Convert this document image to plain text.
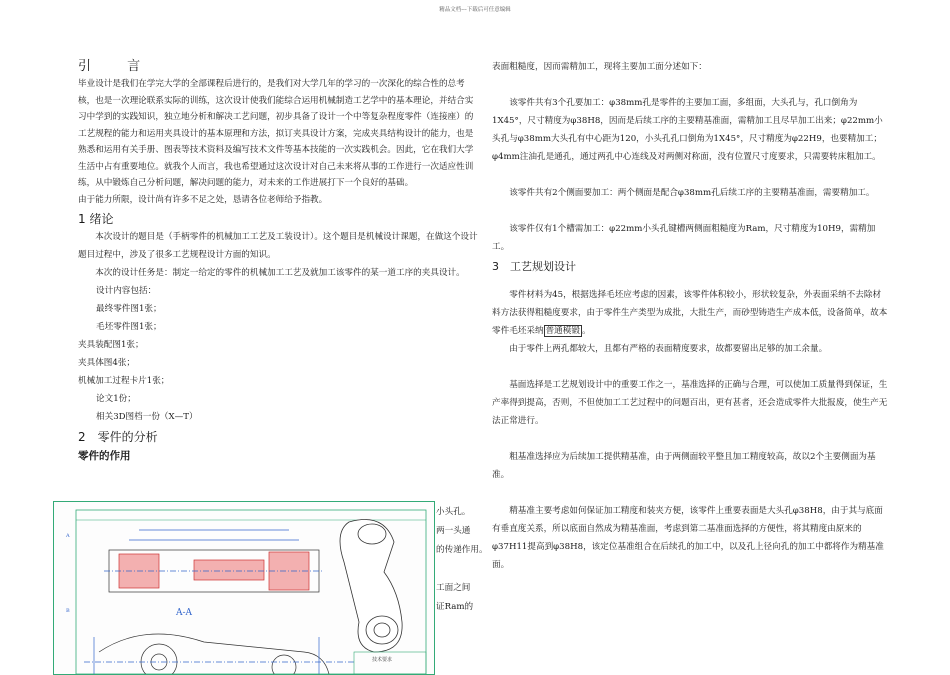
精品文档---下载后可任意编辑

引 言

毕业设计是我们在学完大学的全部课程后进行的，是我们对大学几年的学习的一次深化的综合性的总考核，也是一次理论联系实际的训练，这次设计使我们能综合运用机械制造工艺学中的基本理论，并结合实习中学到的实践知识，独立地分析和解决工艺问题，初步具备了设计一个中等复杂程度零件（连接座）的工艺规程的能力和运用夹具设计的基本原理和方法，拟订夹具设计方案，完成夹具结构设计的能力，也是熟悉和运用有关手册、图表等技术资料及编写技术文件等基本技能的一次实践机会。因此，它在我们大学生活中占有重要地位。就我个人而言，我也希望通过这次设计对自己未来将从事的工作进行一次适应性训练，从中锻炼自己分析问题，解决问题的能力，对未来的工作进展打下一个良好的基础。

由于能力所限，设计尚有许多不足之处，恳请各位老师给予指教。

1 绪论

本次设计的题目是（手柄零件的机械加工工艺及工装设计）。这个题目是机械设计课题，在做这个设计题目过程中，涉及了很多工艺规程设计方面的知识。

本次的设计任务是：制定一给定的零件的机械加工工艺及就加工该零件的某一道工序的夹具设计。

设计内容包括：

最终零件图1张；

毛坯零件图1张；

夹具装配图1张；

夹具体图4张；

机械加工过程卡片1张；

论文1份；

相关3D图档一份（X—T）

2　零件的分析

零件的作用

小头孔。

两一头通

的传递作用。

工面之间

证Ram的

A
B	A-A
技术要求

表面粗糙度，因而需精加工，现将主要加工面分述如下：

该零件共有3个孔要加工：φ38mm孔是零件的主要加工面，多组面，大头孔与，孔口倒角为1X45°，尺寸精度为φ38H8，因而是后续工序的主要精基准面，需精加工且尽早加工出来；φ22mm小头孔与φ38mm大头孔有中心距为120，小头孔孔口倒角为1X45°，尺寸精度为φ22H9，也要精加工；φ4mm注油孔是通孔，通过两孔中心连线及对两侧对称面，没有位置尺寸度要求，只需要转床粗加工。

该零件共有2个侧面要加工：两个侧面是配合φ38mm孔后续工序的主要精基准面，需要精加工。

该零件仅有1个槽需加工：φ22mm小头孔键槽两侧面粗糙度为Ram，尺寸精度为10H9，需精加工。

3　工艺规划设计

零件材料为45，根据选择毛坯应考虑的因素，该零件体积较小，形状较复杂，外表面采纳不去除材料方法获得粗糙度要求，由于零件生产类型为成批，大批生产，而砂型铸造生产成本低，设备简单，故本零件毛坯采纳 普通模锻 。

由于零件上两孔都较大，且都有严格的表面精度要求，故都要留出足够的加工余量。

基面选择是工艺规划设计中的重要工作之一，基准选择的正确与合理，可以使加工质量得到保证，生产率得到提高，否则，不但使加工工艺过程中的问题百出，更有甚者，还会造成零件大批报废，使生产无法正常进行。

粗基准选择应为后续加工提供精基准，由于两侧面较平整且加工精度较高，故以2个主要侧面为基准。

精基准主要考虑如何保证加工精度和装夹方便，该零件上重要表面是大头孔φ38H8，由于其与底面有垂直度关系，所以底面自然成为精基准面，考虑到第二基准面选择的方便性，将其精度由原来的φ37H11提高到φ38H8，该定位基准组合在后续孔的加工中，以及孔上径向孔的加工中都将作为精基准面。
